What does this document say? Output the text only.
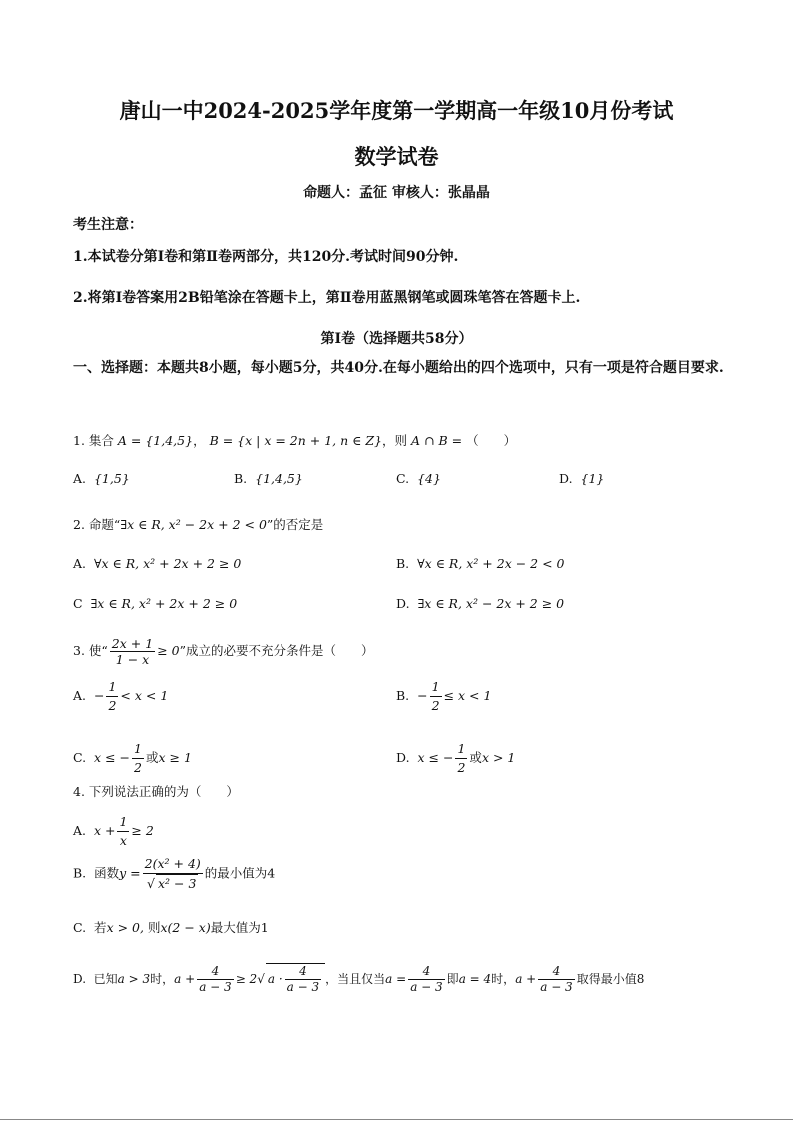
唐山一中2024-2025学年度第一学期高一年级10月份考试
数学试卷
命题人：孟征 审核人：张晶晶
考生注意：
1.本试卷分第Ⅰ卷和第Ⅱ卷两部分，共120分.考试时间90分钟.
2.将第Ⅰ卷答案用2B铅笔涂在答题卡上，第Ⅱ卷用蓝黑钢笔或圆珠笔答在答题卡上.
第Ⅰ卷（选择题共58分）
一、选择题：本题共8小题，每小题5分，共40分.在每小题给出的四个选项中，只有一项是符合题目要求.
1. 集合 A = {1,4,5}， B = {x | x = 2n + 1, n ∈ Z}，则 A ∩ B = （　　）
A. {1,5}	B. {1,4,5}	C. {4}	D. {1}
2. 命题“∃x ∈ R, x² − 2x + 2 < 0”的否定是
A. ∀x ∈ R, x² + 2x + 2 ≥ 0	B. ∀x ∈ R, x² + 2x − 2 < 0
C ∃x ∈ R, x² + 2x + 2 ≥ 0	D. ∃x ∈ R, x² − 2x + 2 ≥ 0
3. 使“ $\frac{2x + 1}{1 - x} \ge 0$”成立的必要不充分条件是（　　）
A. − $\frac{1}{2} < x < 1$	B. − $\frac{1}{2} \le x < 1$
C. x ≤ − $\frac{1}{2}$ 或x ≥ 1	D. x ≤ − $\frac{1}{2}$ 或x > 1
4. 下列说法正确的为（　　）
A. $x + \frac{1}{x} \ge 2$
B. 函数$y = \frac{\text{2(x² + 4)}}{\text{√ x² − 3}}$ 的最小值为4
C. 若x > 0, 则x(2 − x)最大值为1
D. 已知a > 3时，$a + \frac{4}{a - 3} \ge 2√$ $a \cdot \frac{4}{a - 3}$ ，当且仅当$a = \frac{4}{a - 3}$ 即a = 4时，$a + \frac{4}{a - 3}$ 取得最小值8
